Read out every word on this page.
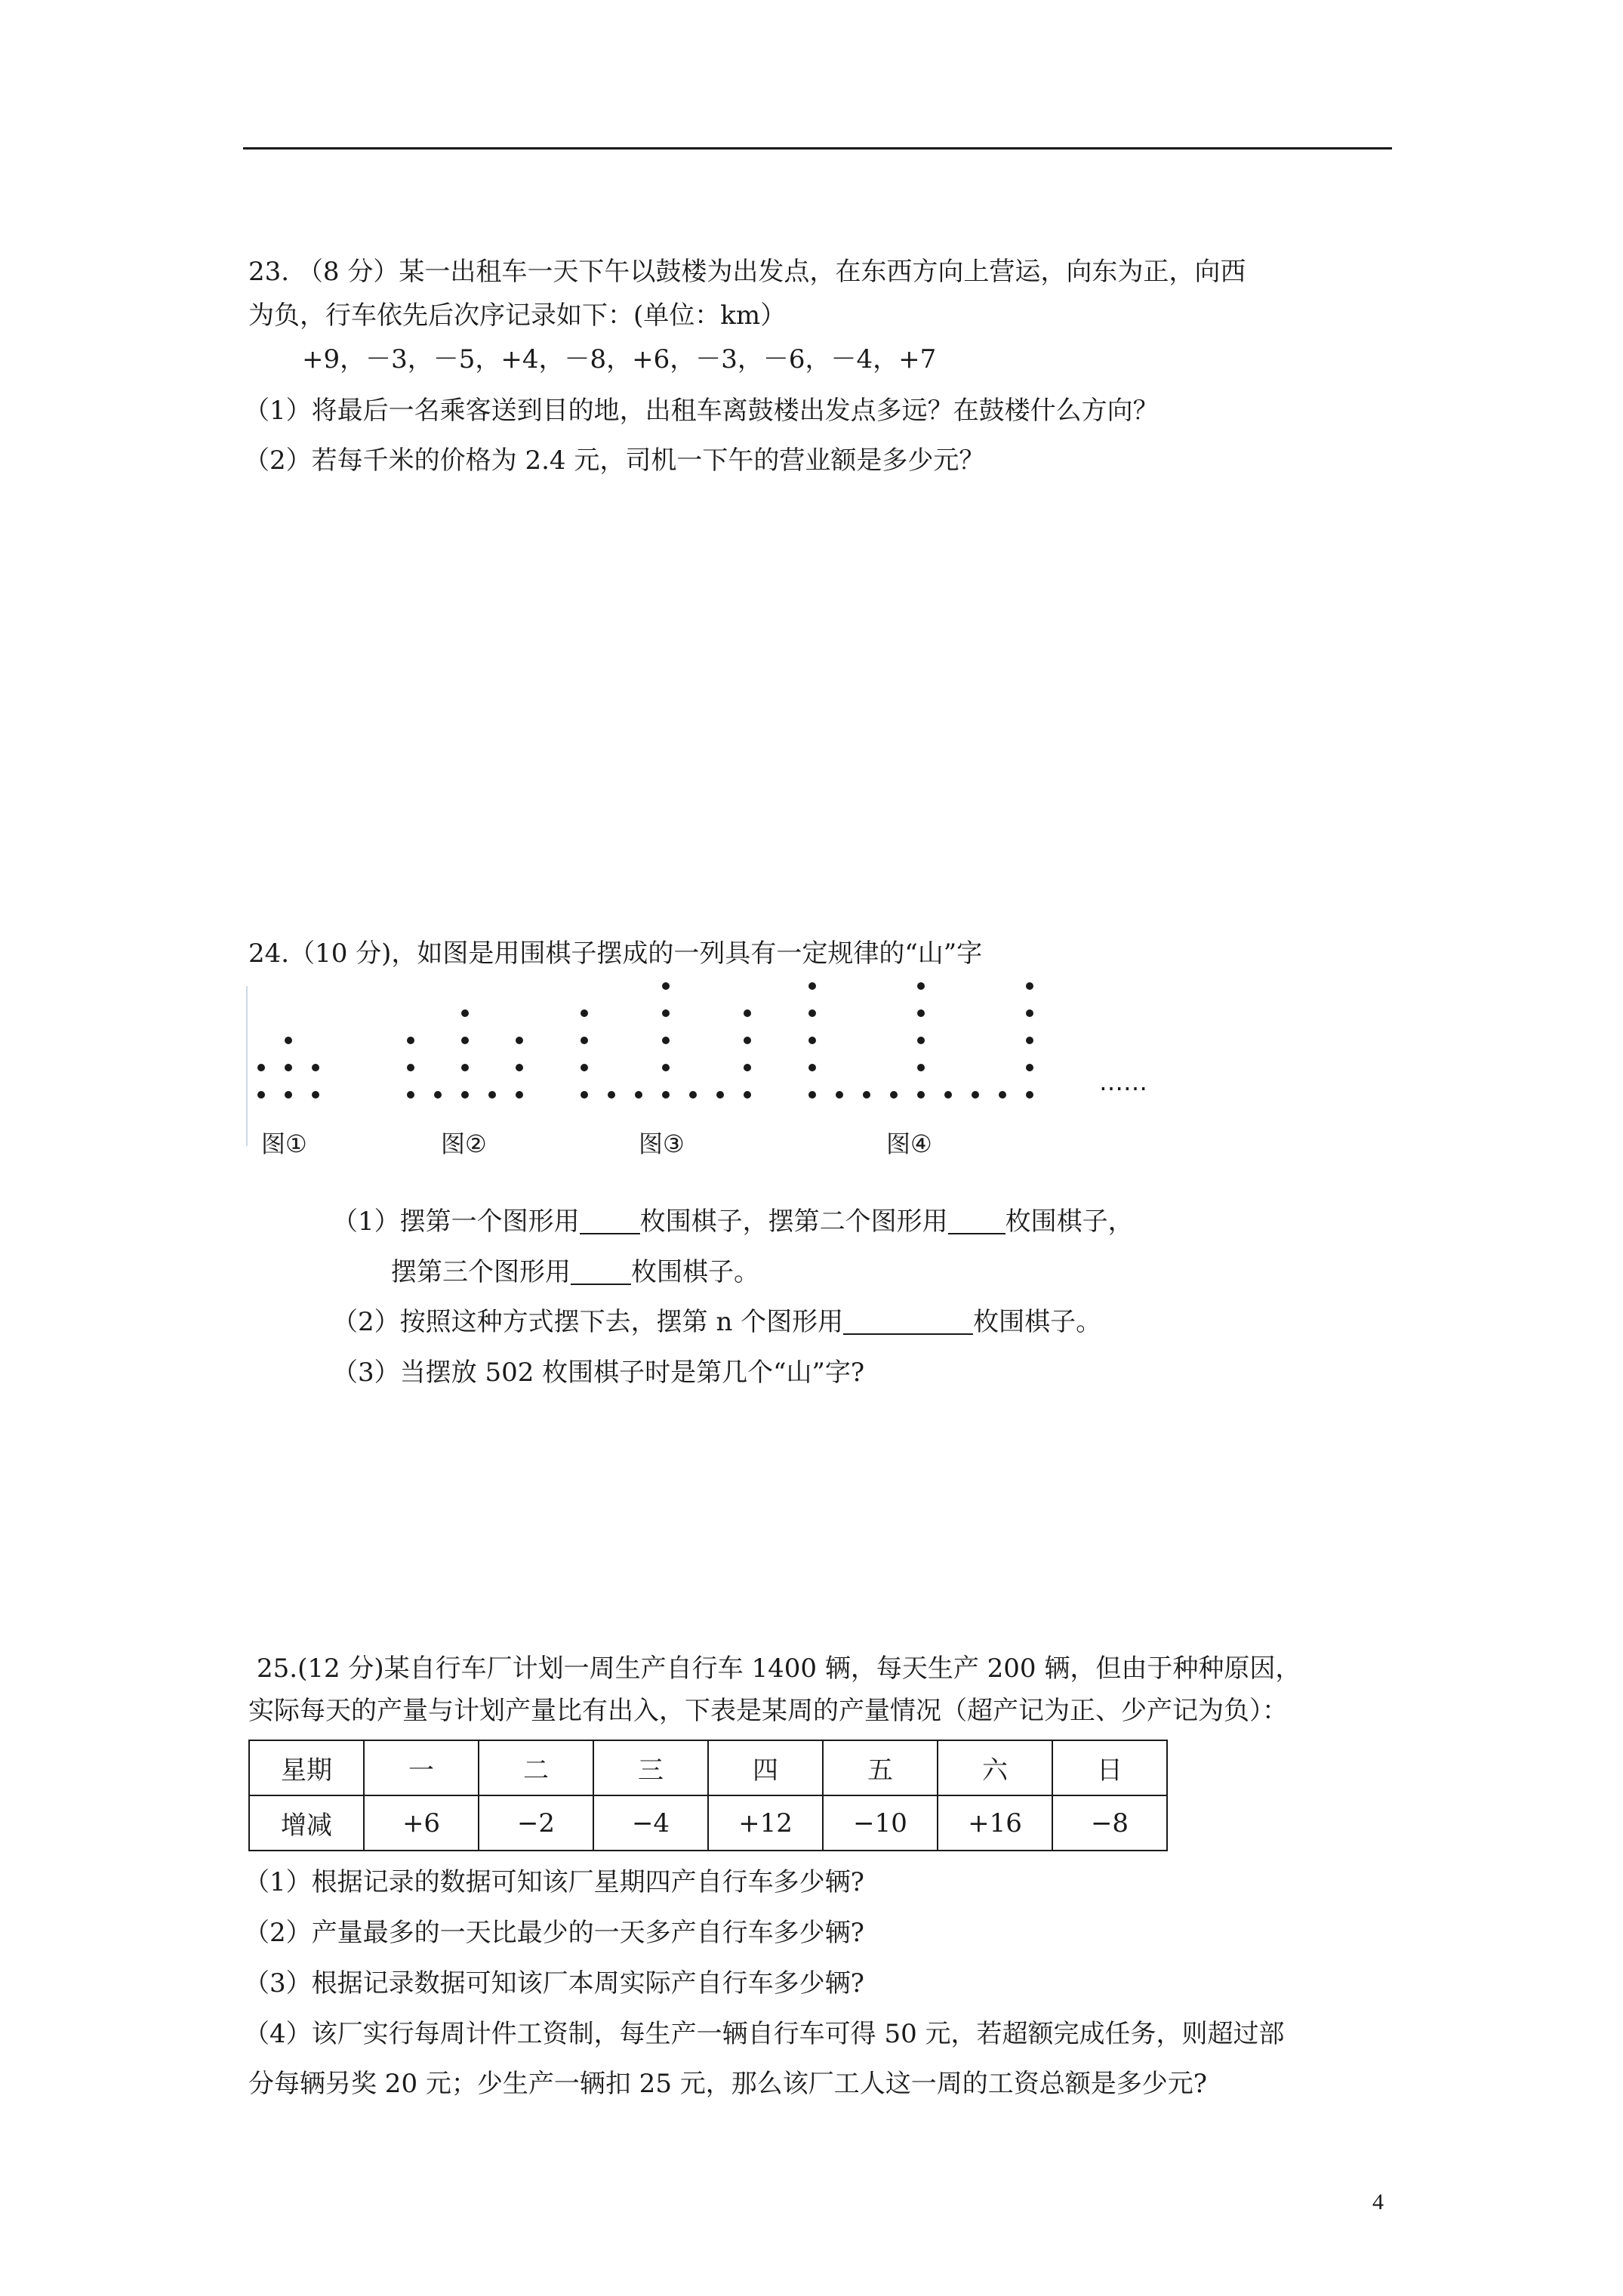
23. （8 分）某一出租车一天下午以鼓楼为出发点，在东西方向上营运，向东为正，向西
为负，行车依先后次序记录如下：(单位：km）
+9，－3，－5，+4，－8，+6，－3，－6，－4，+7
（1）将最后一名乘客送到目的地，出租车离鼓楼出发点多远？在鼓楼什么方向？
（2）若每千米的价格为 2.4 元，司机一下午的营业额是多少元？
24.（10 分)，如图是用围棋子摆成的一列具有一定规律的“山”字
……
图①	图②	图③	图④
（1）摆第一个图形用 枚围棋子，摆第二个图形用 枚围棋子，
摆第三个图形用 枚围棋子。
（2）按照这种方式摆下去，摆第 n 个图形用	枚围棋子。
（3）当摆放 502 枚围棋子时是第几个“山”字?
25.(12 分)某自行车厂计划一周生产自行车 1400 辆，每天生产 200 辆，但由于种种原因，
实际每天的产量与计划产量比有出入，下表是某周的产量情况（超产记为正、少产记为负）：
星期	一	二	三	四	五	六	日
增减	+6	−2	−4	+12	−10	+16	−8
（1）根据记录的数据可知该厂星期四产自行车多少辆?
（2）产量最多的一天比最少的一天多产自行车多少辆?
（3）根据记录数据可知该厂本周实际产自行车多少辆?
（4）该厂实行每周计件工资制，每生产一辆自行车可得 50 元，若超额完成任务，则超过部
分每辆另奖 20 元；少生产一辆扣 25 元，那么该厂工人这一周的工资总额是多少元?
4
